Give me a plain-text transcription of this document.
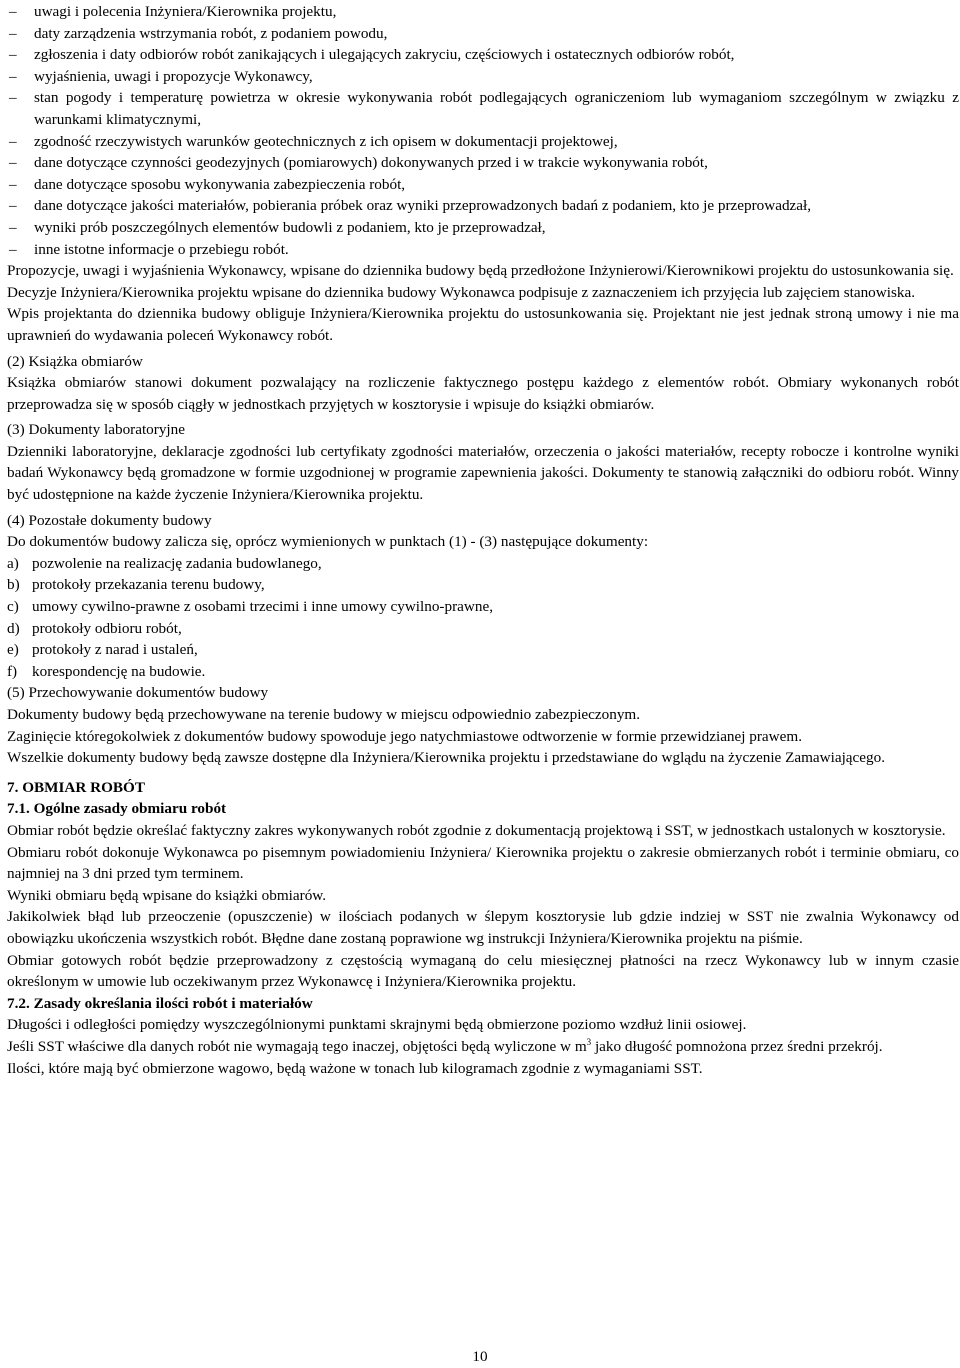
– uwagi i polecenia Inżyniera/Kierownika projektu,
– daty zarządzenia wstrzymania robót, z podaniem powodu,
– zgłoszenia i daty odbiorów robót zanikających i ulegających zakryciu, częściowych i ostatecznych odbiorów robót,
– wyjaśnienia, uwagi i propozycje Wykonawcy,
– stan pogody i temperaturę powietrza w okresie wykonywania robót podlegających ograniczeniom lub wymaganiom szczególnym w związku z warunkami klimatycznymi,
– zgodność rzeczywistych warunków geotechnicznych z ich opisem w dokumentacji projektowej,
– dane dotyczące czynności geodezyjnych (pomiarowych) dokonywanych przed i w trakcie wykonywania robót,
– dane dotyczące sposobu wykonywania zabezpieczenia robót,
– dane dotyczące jakości materiałów, pobierania próbek oraz wyniki przeprowadzonych badań z podaniem, kto je przeprowadzał,
– wyniki prób poszczególnych elementów budowli z podaniem, kto je przeprowadzał,
– inne istotne informacje o przebiegu robót.

Propozycje, uwagi i wyjaśnienia Wykonawcy, wpisane do dziennika budowy będą przedłożone Inżynierowi/Kierownikowi projektu do ustosunkowania się.

Decyzje Inżyniera/Kierownika projektu wpisane do dziennika budowy Wykonawca podpisuje z zaznaczeniem ich przyjęcia lub zajęciem stanowiska.

Wpis projektanta do dziennika budowy obliguje Inżyniera/Kierownika projektu do ustosunkowania się. Projektant nie jest jednak stroną umowy i nie ma uprawnień do wydawania poleceń Wykonawcy robót.

(2) Książka obmiarów

Książka obmiarów stanowi dokument pozwalający na rozliczenie faktycznego postępu każdego z elementów robót. Obmiary wykonanych robót przeprowadza się w sposób ciągły w jednostkach przyjętych w kosztorysie i wpisuje do książki obmiarów.

(3) Dokumenty laboratoryjne

Dzienniki laboratoryjne, deklaracje zgodności lub certyfikaty zgodności materiałów, orzeczenia o jakości materiałów, recepty robocze i kontrolne wyniki badań Wykonawcy będą gromadzone w formie uzgodnionej w programie zapewnienia jakości. Dokumenty te stanowią załączniki do odbioru robót. Winny być udostępnione na każde życzenie Inżyniera/Kierownika projektu.

(4) Pozostałe dokumenty budowy

Do dokumentów budowy zalicza się, oprócz wymienionych w punktach (1) - (3) następujące dokumenty:

a) pozwolenie na realizację zadania budowlanego,
b) protokoły przekazania terenu budowy,
c) umowy cywilno-prawne z osobami trzecimi i inne umowy cywilno-prawne,
d) protokoły odbioru robót,
e) protokoły z narad i ustaleń,
f) korespondencję na budowie.

(5) Przechowywanie dokumentów budowy

Dokumenty budowy będą przechowywane na terenie budowy w miejscu odpowiednio zabezpieczonym.

Zaginięcie któregokolwiek z dokumentów budowy spowoduje jego natychmiastowe odtworzenie w formie przewidzianej prawem.

Wszelkie dokumenty budowy będą zawsze dostępne dla Inżyniera/Kierownika projektu i przedstawiane do wglądu na życzenie Zamawiającego.

7. OBMIAR ROBÓT

7.1. Ogólne zasady obmiaru robót

Obmiar robót będzie określać faktyczny zakres wykonywanych robót zgodnie z dokumentacją projektową i SST, w jednostkach ustalonych w kosztorysie.

Obmiaru robót dokonuje Wykonawca po pisemnym powiadomieniu Inżyniera/ Kierownika projektu o zakresie obmierzanych robót i terminie obmiaru, co najmniej na 3 dni przed tym terminem.

Wyniki obmiaru będą wpisane do książki obmiarów.

Jakikolwiek błąd lub przeoczenie (opuszczenie) w ilościach podanych w ślepym kosztorysie lub gdzie indziej w SST nie zwalnia Wykonawcy od obowiązku ukończenia wszystkich robót. Błędne dane zostaną poprawione wg instrukcji Inżyniera/Kierownika projektu na piśmie.

Obmiar gotowych robót będzie przeprowadzony z częstością wymaganą do celu miesięcznej płatności na rzecz Wykonawcy lub w innym czasie określonym w umowie lub oczekiwanym przez Wykonawcę i Inżyniera/Kierownika projektu.

7.2. Zasady określania ilości robót i materiałów

Długości i odległości pomiędzy wyszczególnionymi punktami skrajnymi będą obmierzone poziomo wzdłuż linii osiowej.

Jeśli SST właściwe dla danych robót nie wymagają tego inaczej, objętości będą wyliczone w $m^3$ jako długość pomnożona przez średni przekrój.

Ilości, które mają być obmierzone wagowo, będą ważone w tonach lub kilogramach zgodnie z wymaganiami SST.

10
